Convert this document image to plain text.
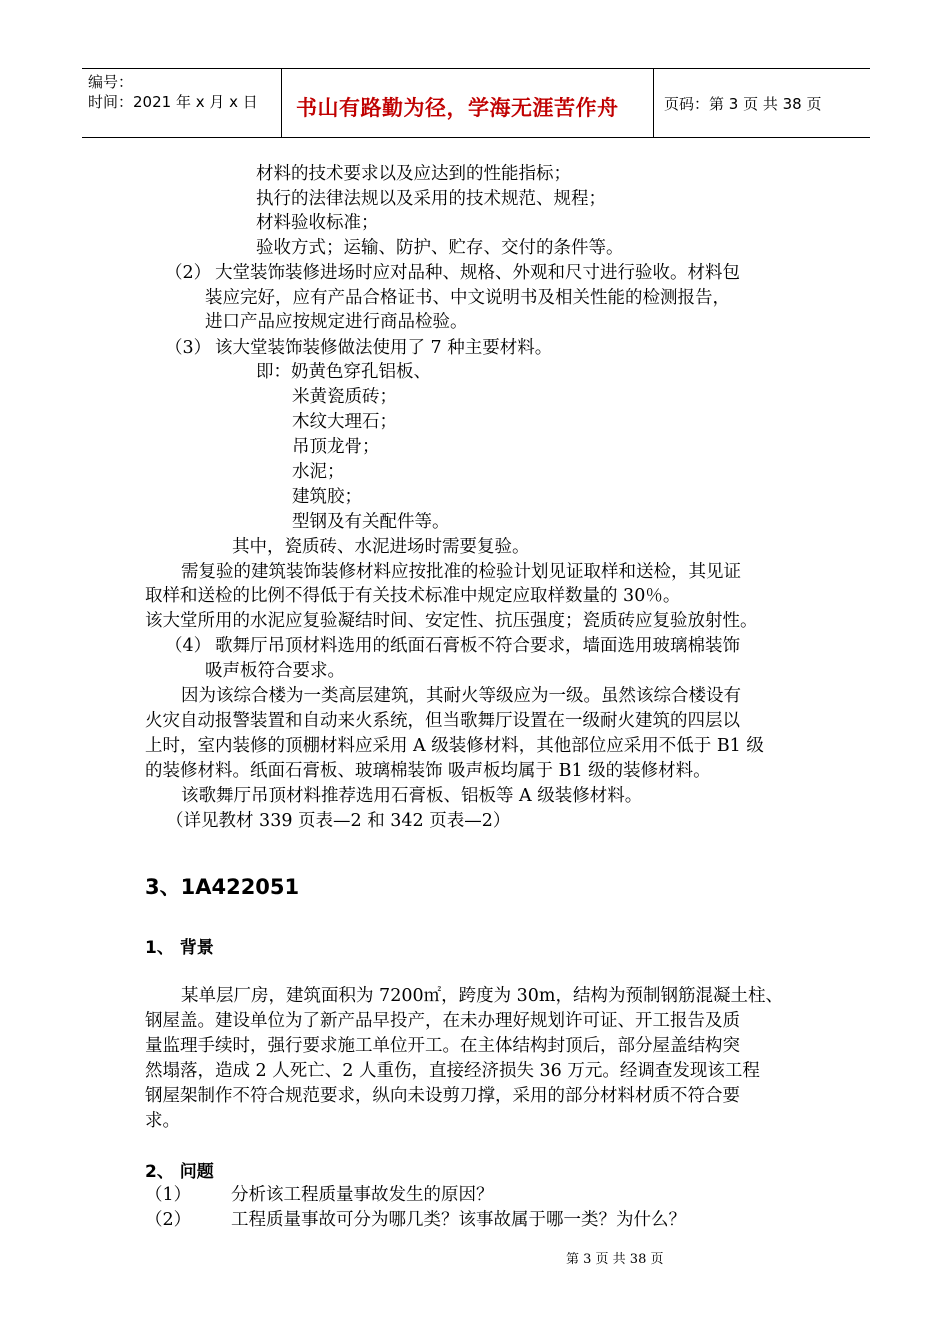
编号：
时间：2021 年 x 月 x 日 书山有路勤为径，学海无涯苦作舟	页码：第 3 页 共 38 页
材料的技术要求以及应达到的性能指标；
执行的法律法规以及采用的技术规范、规程；
材料验收标准；
验收方式；运输、防护、贮存、交付的条件等。
（2） 大堂装饰装修进场时应对品种、规格、外观和尺寸进行验收。材料包
装应完好，应有产品合格证书、中文说明书及相关性能的检测报告，
进口产品应按规定进行商品检验。
（3） 该大堂装饰装修做法使用了 7 种主要材料。
即：奶黄色穿孔铝板、
米黄瓷质砖；
木纹大理石；
吊顶龙骨；
水泥；
建筑胶；
型钢及有关配件等。
其中，瓷质砖、水泥进场时需要复验。
需复验的建筑装饰装修材料应按批准的检验计划见证取样和送检，其见证
取样和送检的比例不得低于有关技术标准中规定应取样数量的 30％。
该大堂所用的水泥应复验凝结时间、安定性、抗压强度；瓷质砖应复验放射性。
（4） 歌舞厅吊顶材料选用的纸面石膏板不符合要求，墙面选用玻璃棉装饰
吸声板符合要求。
因为该综合楼为一类高层建筑，其耐火等级应为一级。虽然该综合楼设有
火灾自动报警装置和自动来火系统，但当歌舞厅设置在一级耐火建筑的四层以
上时，室内装修的顶棚材料应采用 A 级装修材料，其他部位应采用不低于 B1 级
的装修材料。纸面石膏板、玻璃棉装饰 吸声板均属于 B1 级的装修材料。
该歌舞厅吊顶材料推荐选用石膏板、铝板等 A 级装修材料。
（详见教材 339 页表—2 和 342 页表—2）
3、1A422051
1、 背景
某单层厂房，建筑面积为 7200㎡，跨度为 30m，结构为预制钢筋混凝土柱、
钢屋盖。建设单位为了新产品早投产，在未办理好规划许可证、开工报告及质
量监理手续时，强行要求施工单位开工。在主体结构封顶后，部分屋盖结构突
然塌落，造成 2 人死亡、2 人重伤，直接经济损失 36 万元。经调查发现该工程
钢屋架制作不符合规范要求，纵向未设剪刀撑，采用的部分材料材质不符合要
求。
2、 问题
（1） 分析该工程质量事故发生的原因？
（2） 工程质量事故可分为哪几类？该事故属于哪一类？为什么？
第 3 页 共 38 页
